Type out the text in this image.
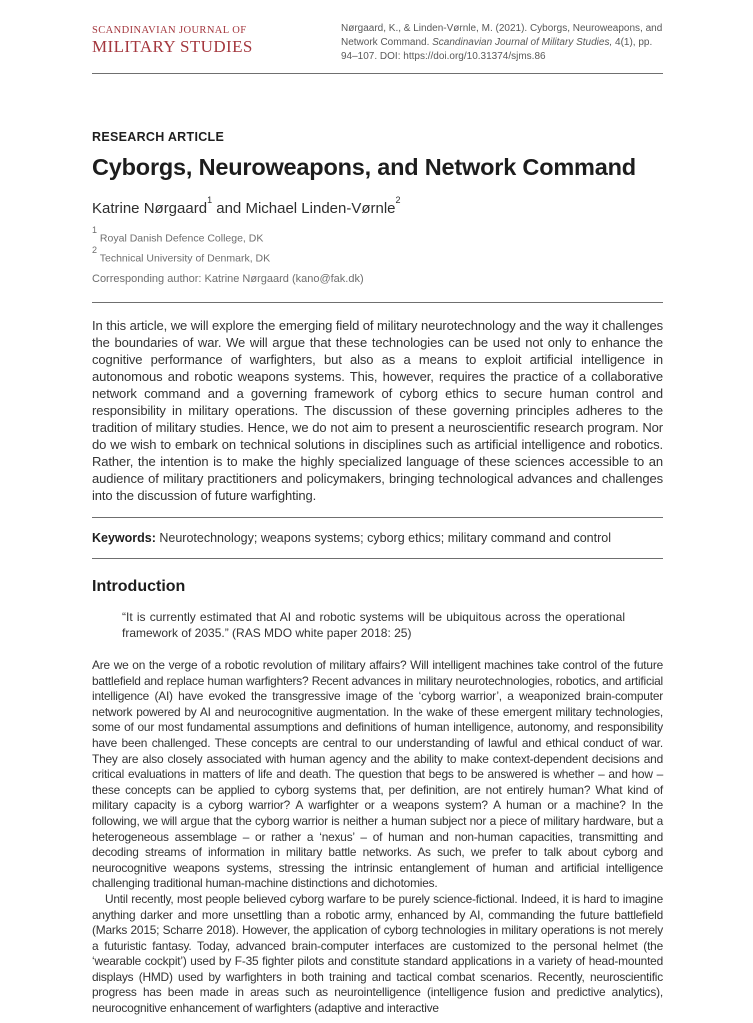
SCANDINAVIAN JOURNAL OF
MILITARY STUDIES
Nørgaard, K., & Linden-Vørnle, M. (2021). Cyborgs, Neuroweapons, and Network Command. Scandinavian Journal of Military Studies, 4(1), pp. 94–107. DOI: https://doi.org/10.31374/sjms.86
RESEARCH ARTICLE
Cyborgs, Neuroweapons, and Network Command
Katrine Nørgaard$^1$ and Michael Linden-Vørnle$^2$
$^1$ Royal Danish Defence College, DK
$^2$ Technical University of Denmark, DK
Corresponding author: Katrine Nørgaard (kano@fak.dk)

In this article, we will explore the emerging field of military neurotechnology and the way it challenges the boundaries of war. We will argue that these technologies can be used not only to enhance the cognitive performance of warfighters, but also as a means to exploit artificial intelligence in autonomous and robotic weapons systems. This, however, requires the practice of a collaborative network command and a governing framework of cyborg ethics to secure human control and responsibility in military operations. The discussion of these governing principles adheres to the tradition of military studies. Hence, we do not aim to present a neuroscientific research program. Nor do we wish to embark on technical solutions in disciplines such as artificial intelligence and robotics. Rather, the intention is to make the highly specialized language of these sciences accessible to an audience of military practitioners and policymakers, bringing technological advances and challenges into the discussion of future warfighting.

Keywords: Neurotechnology; weapons systems; cyborg ethics; military command and control
Introduction
“It is currently estimated that AI and robotic systems will be ubiquitous across the operational framework of 2035.” (RAS MDO white paper 2018: 25)

Are we on the verge of a robotic revolution of military affairs? Will intelligent machines take control of the future battlefield and replace human warfighters? Recent advances in military neurotechnologies, robotics, and artificial intelligence (AI) have evoked the transgressive image of the ‘cyborg warrior’, a weaponized brain-computer network powered by AI and neurocognitive augmentation. In the wake of these emergent military technologies, some of our most fundamental assumptions and definitions of human intelligence, autonomy, and responsibility have been challenged. These concepts are central to our understanding of lawful and ethical conduct of war. They are also closely associated with human agency and the ability to make context-dependent decisions and critical evaluations in matters of life and death. The question that begs to be answered is whether – and how – these concepts can be applied to cyborg systems that, per definition, are not entirely human? What kind of military capacity is a cyborg warrior? A warfighter or a weapons system? A human or a machine? In the following, we will argue that the cyborg warrior is neither a human subject nor a piece of military hardware, but a heterogeneous assemblage – or rather a ‘nexus’ – of human and non-human capacities, transmitting and decoding streams of information in military battle networks. As such, we prefer to talk about cyborg and neurocognitive weapons systems, stressing the intrinsic entanglement of human and artificial intelligence challenging traditional human-machine distinctions and dichotomies.

Until recently, most people believed cyborg warfare to be purely science-fictional. Indeed, it is hard to imagine anything darker and more unsettling than a robotic army, enhanced by AI, commanding the future battlefield (Marks 2015; Scharre 2018). However, the application of cyborg technologies in military operations is not merely a futuristic fantasy. Today, advanced brain-computer interfaces are customized to the personal helmet (the ‘wearable cockpit’) used by F-35 fighter pilots and constitute standard applications in a variety of head-mounted displays (HMD) used by warfighters in both training and tactical combat scenarios. Recently, neuroscientific progress has been made in areas such as neurointelligence (intelligence fusion and predictive analytics), neurocognitive enhancement of warfighters (adaptive and interactive
